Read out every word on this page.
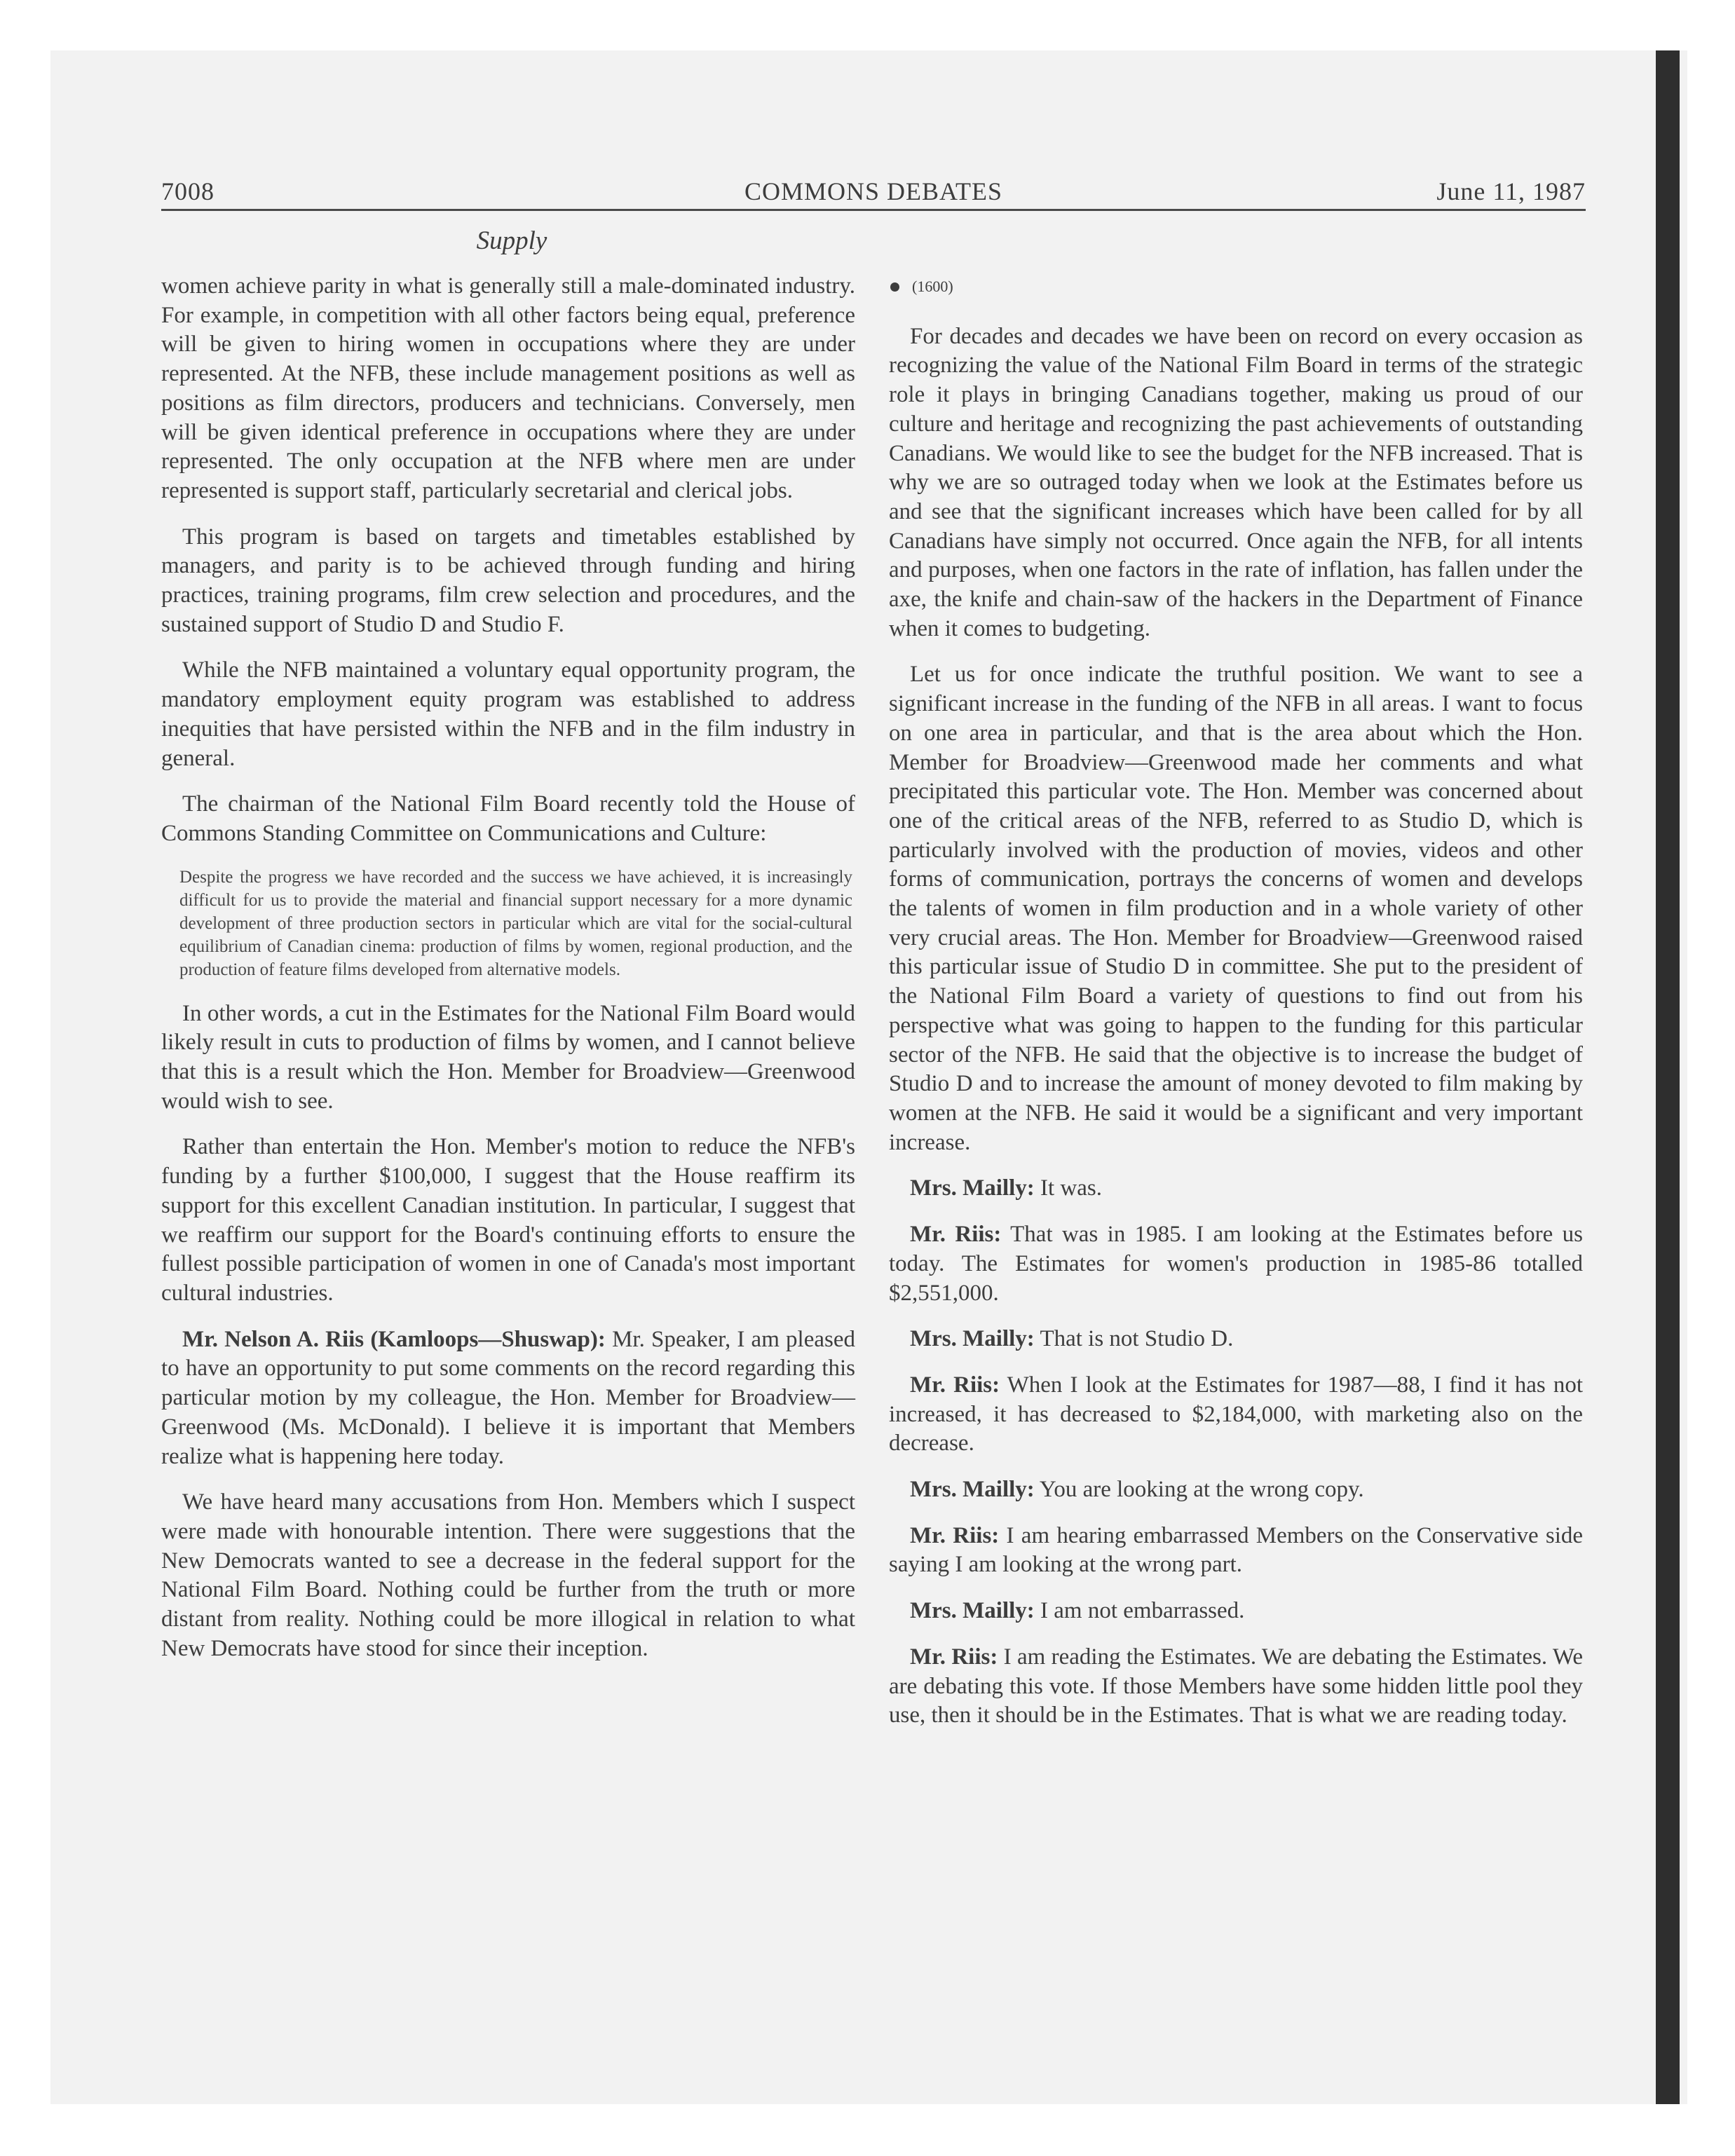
7008	COMMONS DEBATES	June 11, 1987
Supply

women achieve parity in what is generally still a male-dominated industry. For example, in competition with all other factors being equal, preference will be given to hiring women in occupations where they are under represented. At the NFB, these include management positions as well as positions as film directors, producers and technicians. Conversely, men will be given identical preference in occupations where they are under represented. The only occupation at the NFB where men are under represented is support staff, particularly secretarial and clerical jobs.

This program is based on targets and timetables established by managers, and parity is to be achieved through funding and hiring practices, training programs, film crew selection and procedures, and the sustained support of Studio D and Studio F.

While the NFB maintained a voluntary equal opportunity program, the mandatory employment equity program was established to address inequities that have persisted within the NFB and in the film industry in general.

The chairman of the National Film Board recently told the House of Commons Standing Committee on Communications and Culture:

Despite the progress we have recorded and the success we have achieved, it is increasingly difficult for us to provide the material and financial support necessary for a more dynamic development of three production sectors in particular which are vital for the social-cultural equilibrium of Canadian cinema: production of films by women, regional production, and the production of feature films developed from alternative models.

In other words, a cut in the Estimates for the National Film Board would likely result in cuts to production of films by women, and I cannot believe that this is a result which the Hon. Member for Broadview—Greenwood would wish to see.

Rather than entertain the Hon. Member's motion to reduce the NFB's funding by a further $100,000, I suggest that the House reaffirm its support for this excellent Canadian institution. In particular, I suggest that we reaffirm our support for the Board's continuing efforts to ensure the fullest possible participation of women in one of Canada's most important cultural industries.

Mr. Nelson A. Riis (Kamloops—Shuswap): Mr. Speaker, I am pleased to have an opportunity to put some comments on the record regarding this particular motion by my colleague, the Hon. Member for Broadview—Greenwood (Ms. McDonald). I believe it is important that Members realize what is happening here today.

We have heard many accusations from Hon. Members which I suspect were made with honourable intention. There were suggestions that the New Democrats wanted to see a decrease in the federal support for the National Film Board. Nothing could be further from the truth or more distant from reality. Nothing could be more illogical in relation to what New Democrats have stood for since their inception.

(1600)

For decades and decades we have been on record on every occasion as recognizing the value of the National Film Board in terms of the strategic role it plays in bringing Canadians together, making us proud of our culture and heritage and recognizing the past achievements of outstanding Canadians. We would like to see the budget for the NFB increased. That is why we are so outraged today when we look at the Estimates before us and see that the significant increases which have been called for by all Canadians have simply not occurred. Once again the NFB, for all intents and purposes, when one factors in the rate of inflation, has fallen under the axe, the knife and chain-saw of the hackers in the Department of Finance when it comes to budgeting.

Let us for once indicate the truthful position. We want to see a significant increase in the funding of the NFB in all areas. I want to focus on one area in particular, and that is the area about which the Hon. Member for Broadview—Greenwood made her comments and what precipitated this particular vote. The Hon. Member was concerned about one of the critical areas of the NFB, referred to as Studio D, which is particularly involved with the production of movies, videos and other forms of communication, portrays the concerns of women and develops the talents of women in film production and in a whole variety of other very crucial areas. The Hon. Member for Broadview—Greenwood raised this particular issue of Studio D in committee. She put to the president of the National Film Board a variety of questions to find out from his perspective what was going to happen to the funding for this particular sector of the NFB. He said that the objective is to increase the budget of Studio D and to increase the amount of money devoted to film making by women at the NFB. He said it would be a significant and very important increase.

Mrs. Mailly: It was.

Mr. Riis: That was in 1985. I am looking at the Estimates before us today. The Estimates for women's production in 1985-86 totalled $2,551,000.

Mrs. Mailly: That is not Studio D.

Mr. Riis: When I look at the Estimates for 1987—88, I find it has not increased, it has decreased to $2,184,000, with marketing also on the decrease.

Mrs. Mailly: You are looking at the wrong copy.

Mr. Riis: I am hearing embarrassed Members on the Conservative side saying I am looking at the wrong part.

Mrs. Mailly: I am not embarrassed.

Mr. Riis: I am reading the Estimates. We are debating the Estimates. We are debating this vote. If those Members have some hidden little pool they use, then it should be in the Estimates. That is what we are reading today.
